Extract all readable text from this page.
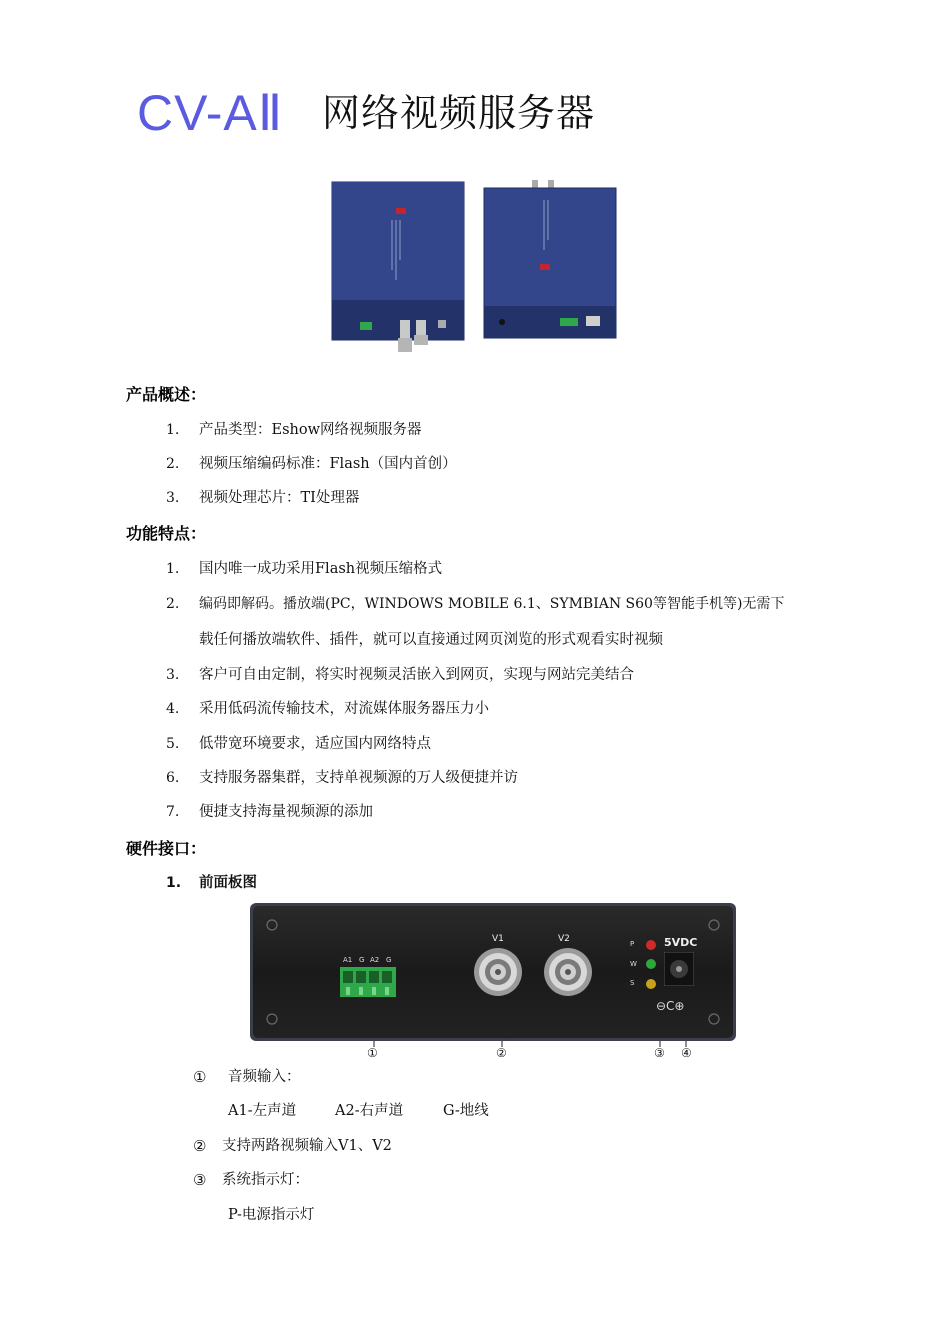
CV-AⅡ 网络视频服务器
产品概述：
1. 产品类型：Eshow网络视频服务器
2. 视频压缩编码标准：Flash（国内首创）
3. 视频处理芯片：TI处理器
功能特点：
1. 国内唯一成功采用Flash视频压缩格式
2. 编码即解码。播放端(PC，WINDOWS MOBILE 6.1、SYMBIAN S60等智能手机等)无需下
载任何播放端软件、插件，就可以直接通过网页浏览的形式观看实时视频
3. 客户可自由定制，将实时视频灵活嵌入到网页，实现与网站完美结合
4. 采用低码流传输技术，对流媒体服务器压力小
5. 低带宽环境要求，适应国内网络特点
6. 支持服务器集群，支持单视频源的万人级便捷并访
7. 便捷支持海量视频源的添加
硬件接口：
1. 前面板图
A1 G A2 G
V1	V2	P
W
S
5VDC
⊖C⊕
①	②	③ ④
① 音频输入：
A1-左声道	A2-右声道	G-地线
② 支持两路视频输入V1、V2
③ 系统指示灯：
P-电源指示灯
